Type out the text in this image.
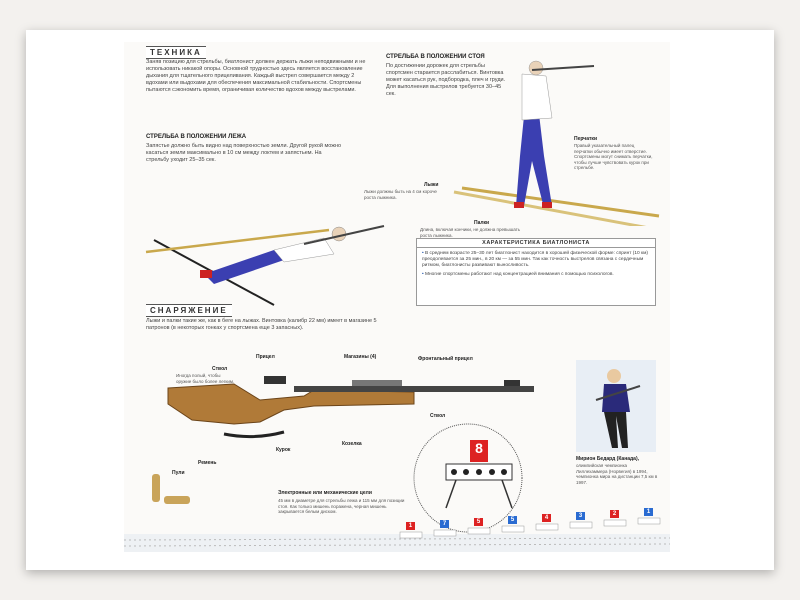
ТЕХНИКА
Заняв позицию для стрельбы, биатлонист должен держать лыжи неподвижными и не использовать никакой опоры. Основной трудностью здесь является восстановление дыхания для тщательного прицеливания. Каждый выстрел совершается между 2 вдохами или выдохами для обеспечения максимальной стабильности. Спортсмены пытаются сэкономить время, ограничивая количество вдохов между выстрелами.
СТРЕЛЬБА В ПОЛОЖЕНИИ ЛЕЖА
Запястье должно быть видно над поверхностью земли. Другой рукой можно касаться земли максимально в 10 см между локтем и запястьем. На стрельбу уходит 25–35 сек.
СТРЕЛЬБА В ПОЛОЖЕНИИ СТОЯ
По достижении дорожек для стрельбы спортсмен старается расслабиться. Винтовка может касаться рук, подбородка, плеч и груди. Для выполнения выстрелов требуется 30–45 сек.
Перчатки
Правый указательный палец перчатки обычно имеет отверстие. Спортсмены могут снимать перчатки, чтобы лучше чувствовать курок при стрельбе.
Лыжи
Лыжи должны быть на 4 см короче роста лыжника.
Палки
Длина, включая кончики, не должна превышать роста лыжника.
ХАРАКТЕРИСТИКА БИАТЛОНИСТА

• В среднем возрасте 25–30 лет биатлонист находится в хорошей физической форме: спринт (10 км) преодолевается за 25 мин., в 20 км — за 55 мин. Так как точность выстрелов связана с сердечным ритмом, биатлонисты развивают выносливость.

• Многие спортсмены работают над концентрацией внимания с помощью психологов.

СНАРЯЖЕНИЕ
Лыжи и палки такие же, как в беге на лыжах. Винтовка (калибр 22 мм) имеет в магазине 5 патронов (в некоторых гонках у спортсмена еще 3 запасных).
Прицел
Ствол
Иногда полый, чтобы оружие было более легким.
Магазины (4)	Фронтальный прицел
Ствол
Курок
Козелка
Ремень
Пули
Электронные или механические цели
45 мм в диаметре для стрельбы лежа и 115 мм для позиции стоя. Как только мишень поражена, черная мишень закрывается белым диском.
8
Мирион Бедард (Канада),
олимпийская чемпионка Лиллехаммера (Норвегия) в 1994, чемпионка мира на дистанции 7,5 км в 1997.
1	7	5	5	4	3	2	1
